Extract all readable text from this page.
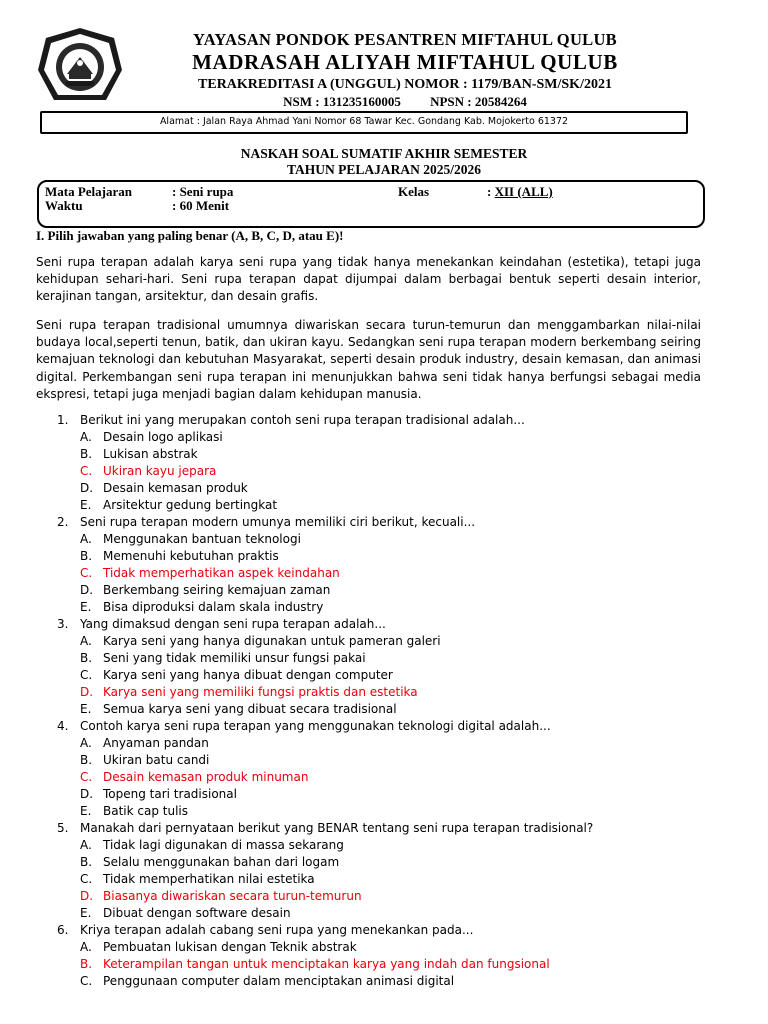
YAYASAN PONDOK PESANTREN MIFTAHUL QULUB
MADRASAH ALIYAH MIFTAHUL QULUB
TERAKREDITASI A (UNGGUL) NOMOR : 1179/BAN-SM/SK/2021
NSM : 131235160005 NPSN : 20584264
Alamat : Jalan Raya Ahmad Yani Nomor 68 Tawar Kec. Gondang Kab. Mojokerto 61372
NASKAH SOAL SUMATIF AKHIR SEMESTER
TAHUN PELAJARAN 2025/2026
Mata Pelajaran	: Seni rupa	Kelas	: XII (ALL)
Waktu	: 60 Menit
I. Pilih jawaban yang paling benar (A, B, C, D, atau E)!
Seni rupa terapan adalah karya seni rupa yang tidak hanya menekankan keindahan (estetika), tetapi juga kehidupan sehari-hari. Seni rupa terapan dapat dijumpai dalam berbagai bentuk seperti desain interior, kerajinan tangan, arsitektur, dan desain grafis.
Seni rupa terapan tradisional umumnya diwariskan secara turun-temurun dan menggambarkan nilai-nilai budaya local,seperti tenun, batik, dan ukiran kayu. Sedangkan seni rupa terapan modern berkembang seiring kemajuan teknologi dan kebutuhan Masyarakat, seperti desain produk industry, desain kemasan, dan animasi digital. Perkembangan seni rupa terapan ini menunjukkan bahwa seni tidak hanya berfungsi sebagai media ekspresi, tetapi juga menjadi bagian dalam kehidupan manusia.
1. Berikut ini yang merupakan contoh seni rupa terapan tradisional adalah...
A. Desain logo aplikasi
B. Lukisan abstrak
C. Ukiran kayu jepara
D. Desain kemasan produk
E. Arsitektur gedung bertingkat
2. Seni rupa terapan modern umunya memiliki ciri berikut, kecuali...
A. Menggunakan bantuan teknologi
B. Memenuhi kebutuhan praktis
C. Tidak memperhatikan aspek keindahan
D. Berkembang seiring kemajuan zaman
E. Bisa diproduksi dalam skala industry
3. Yang dimaksud dengan seni rupa terapan adalah...
A. Karya seni yang hanya digunakan untuk pameran galeri
B. Seni yang tidak memiliki unsur fungsi pakai
C. Karya seni yang hanya dibuat dengan computer
D. Karya seni yang memiliki fungsi praktis dan estetika
E. Semua karya seni yang dibuat secara tradisional
4. Contoh karya seni rupa terapan yang menggunakan teknologi digital adalah...
A. Anyaman pandan
B. Ukiran batu candi
C. Desain kemasan produk minuman
D. Topeng tari tradisional
E. Batik cap tulis
5. Manakah dari pernyataan berikut yang BENAR tentang seni rupa terapan tradisional?
A. Tidak lagi digunakan di massa sekarang
B. Selalu menggunakan bahan dari logam
C. Tidak memperhatikan nilai estetika
D. Biasanya diwariskan secara turun-temurun
E. Dibuat dengan software desain
6. Kriya terapan adalah cabang seni rupa yang menekankan pada...
A. Pembuatan lukisan dengan Teknik abstrak
B. Keterampilan tangan untuk menciptakan karya yang indah dan fungsional
C. Penggunaan computer dalam menciptakan animasi digital
